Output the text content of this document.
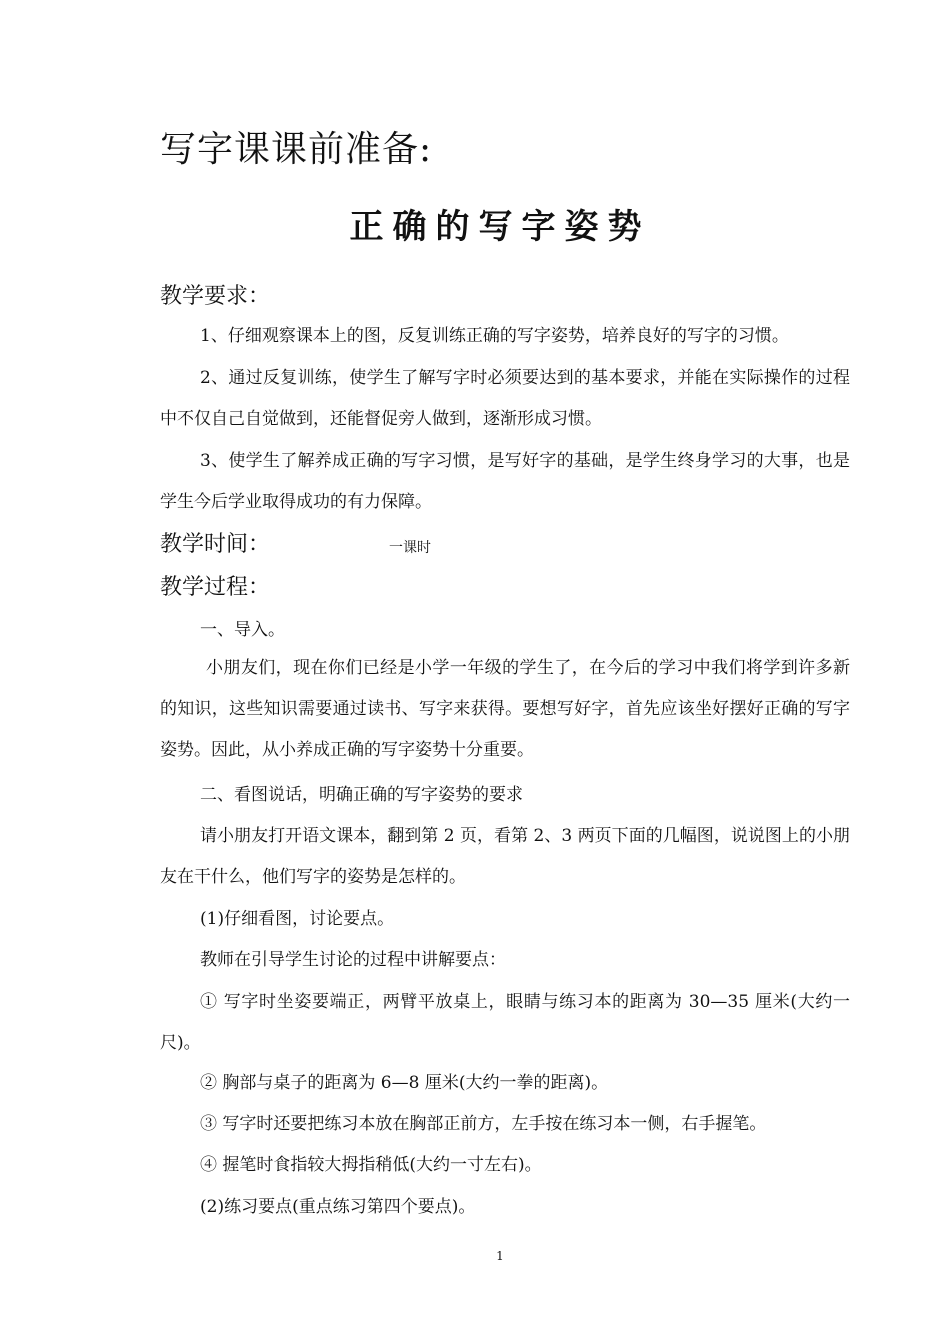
写字课课前准备:
正确的写字姿势
教学要求：
1、仔细观察课本上的图，反复训练正确的写字姿势，培养良好的写字的习惯。
2、通过反复训练，使学生了解写字时必须要达到的基本要求，并能在实际操作的过程中不仅自己自觉做到，还能督促旁人做到，逐渐形成习惯。
3、使学生了解养成正确的写字习惯，是写好字的基础，是学生终身学习的大事，也是学生今后学业取得成功的有力保障。
教学时间：	一课时
教学过程：
一、导入。
小朋友们，现在你们已经是小学一年级的学生了，在今后的学习中我们将学到许多新的知识，这些知识需要通过读书、写字来获得。要想写好字，首先应该坐好摆好正确的写字姿势。因此，从小养成正确的写字姿势十分重要。
二、看图说话，明确正确的写字姿势的要求
请小朋友打开语文课本，翻到第 2 页，看第 2、3 两页下面的几幅图，说说图上的小朋友在干什么，他们写字的姿势是怎样的。
(1)仔细看图，讨论要点。
教师在引导学生讨论的过程中讲解要点：
① 写字时坐姿要端正，两臂平放桌上，眼睛与练习本的距离为 30—35 厘米(大约一尺)。
② 胸部与桌子的距离为 6—8 厘米(大约一拳的距离)。
③ 写字时还要把练习本放在胸部正前方，左手按在练习本一侧，右手握笔。
④ 握笔时食指较大拇指稍低(大约一寸左右)。
(2)练习要点(重点练习第四个要点)。
1
